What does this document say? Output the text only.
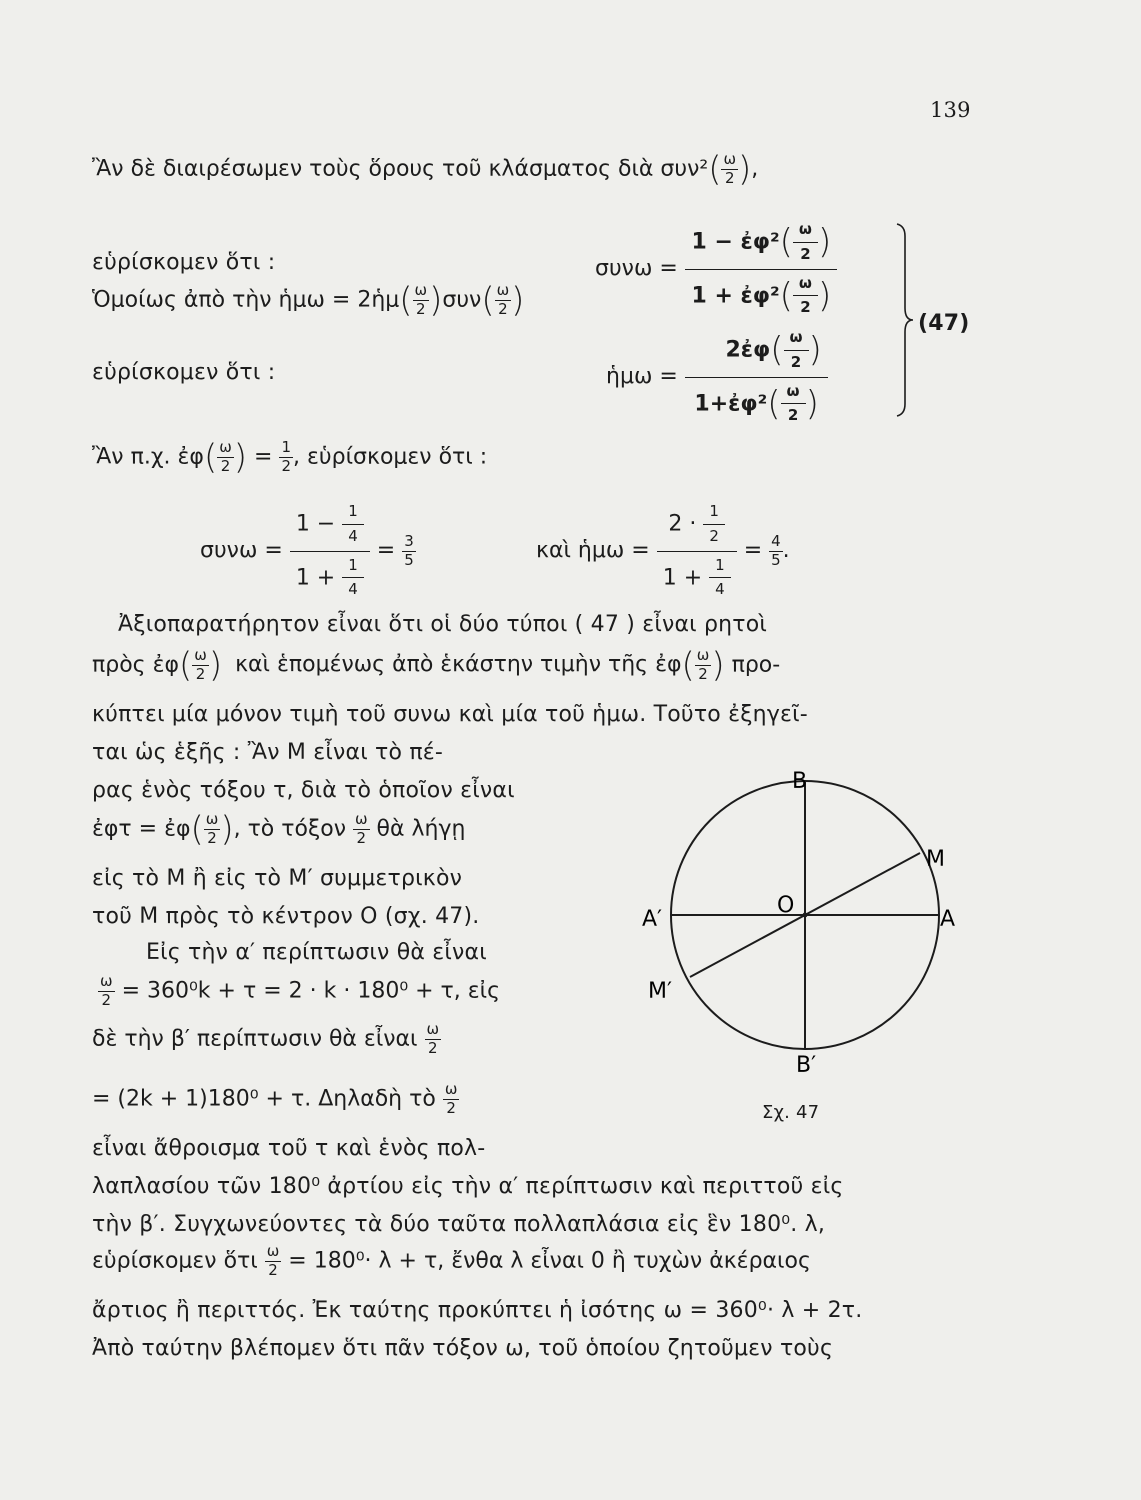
139
Ἂν δὲ διαιρέσωμεν τοὺς ὅρους τοῦ κλάσματος διὰ $\sigma\upsilon\nu^2( \frac{\omega}{2}$ ),
εὑρίσκομεν ὅτι :	$\sigma\upsilon\nu\omega = \frac{1 - ἐ\varphi^2( \frac{\omega}{2} )}{1 + ἐ\varphi^2( \frac{\omega}{2} )}$
Ὁμοίως ἀπὸ τὴν ἡμω = 2ἡμ( $\frac{\omega}{2} )\sigma\upsilon\nu( \frac{\omega}{2}$ )
(47)
εὑρίσκομεν ὅτι :	ἡμω = $\frac{2ἐ\varphi( \frac{\omega}{2} )}{1+ἐ\varphi^2( \frac{\omega}{2} )}$
Ἂν π.χ. ἐφ( $\frac{\omega}{2}$ ) = $\frac{1}{2}$ , εὑρίσκομεν ὅτι :
$\sigma\upsilon\nu\omega = \frac{1 - \frac{1}{4}}{1 + \frac{1}{4}} = \frac{3}{5}$	καὶ ἡμω = $\frac{2 \cdot \frac{1}{2}}{1 + \frac{1}{4}} = \frac{4}{5}$ .
Ἀξιοπαρατήρητον εἶναι ὅτι οἱ δύο τύποι ( 47 ) εἶναι ρητοὶ
πρὸς ἐφ( $\frac{\omega}{2}$ ) καὶ ἑπομένως ἀπὸ ἑκάστην τιμὴν τῆς ἐφ( $\frac{\omega}{2}$ ) προ-
κύπτει μία μόνον τιμὴ τοῦ συνω καὶ μία τοῦ ἡμω. Τοῦτο ἐξηγεῖ-
ται ὡς ἑξῆς : Ἂν Μ εἶναι τὸ πέ-
ρας ἑνὸς τόξου τ, διὰ τὸ ὁποῖον εἶναι
ἐφτ = ἐφ( $\frac{\omega}{2}$ ), τὸ τόξον $\frac{\omega}{2}$ θὰ λήγῃ
εἰς τὸ Μ ἢ εἰς τὸ Μ′ συμμετρικὸν
τοῦ Μ πρὸς τὸ κέντρον Ο (σχ. 47).
Εἰς τὴν α′ περίπτωσιν θὰ εἶναι
$\frac{\omega}{2} = 360^0k + \tau = 2 \cdot k \cdot 180^0 + \tau$, εἰς
δὲ τὴν β′ περίπτωσιν θὰ εἶναι $\frac{\omega}{2}$
= (2k + 1)180⁰ + τ. Δηλαδὴ τὸ $\frac{\omega}{2}$
εἶναι ἄθροισμα τοῦ τ καὶ ἑνὸς πολ-
λαπλασίου τῶν 180⁰ ἀρτίου εἰς τὴν α′ περίπτωσιν καὶ περιττοῦ εἰς
τὴν β′. Συγχωνεύοντες τὰ δύο ταῦτα πολλαπλάσια εἰς ἓν 180⁰. λ,
εὑρίσκομεν ὅτι $\frac{\omega}{2} = 180^0\cdot \lambda + \tau$, ἔνθα λ εἶναι 0 ἢ τυχὼν ἀκέραιος
ἄρτιος ἢ περιττός. Ἐκ ταύτης προκύπτει ἡ ἰσότης ω = 360⁰· λ + 2τ.
Ἀπὸ ταύτην βλέπομεν ὅτι πᾶν τόξον ω, τοῦ ὁποίου ζητοῦμεν τοὺς
Β
Β′
Α
Α′
Μ
Μ′
Ο
Σχ. 47
